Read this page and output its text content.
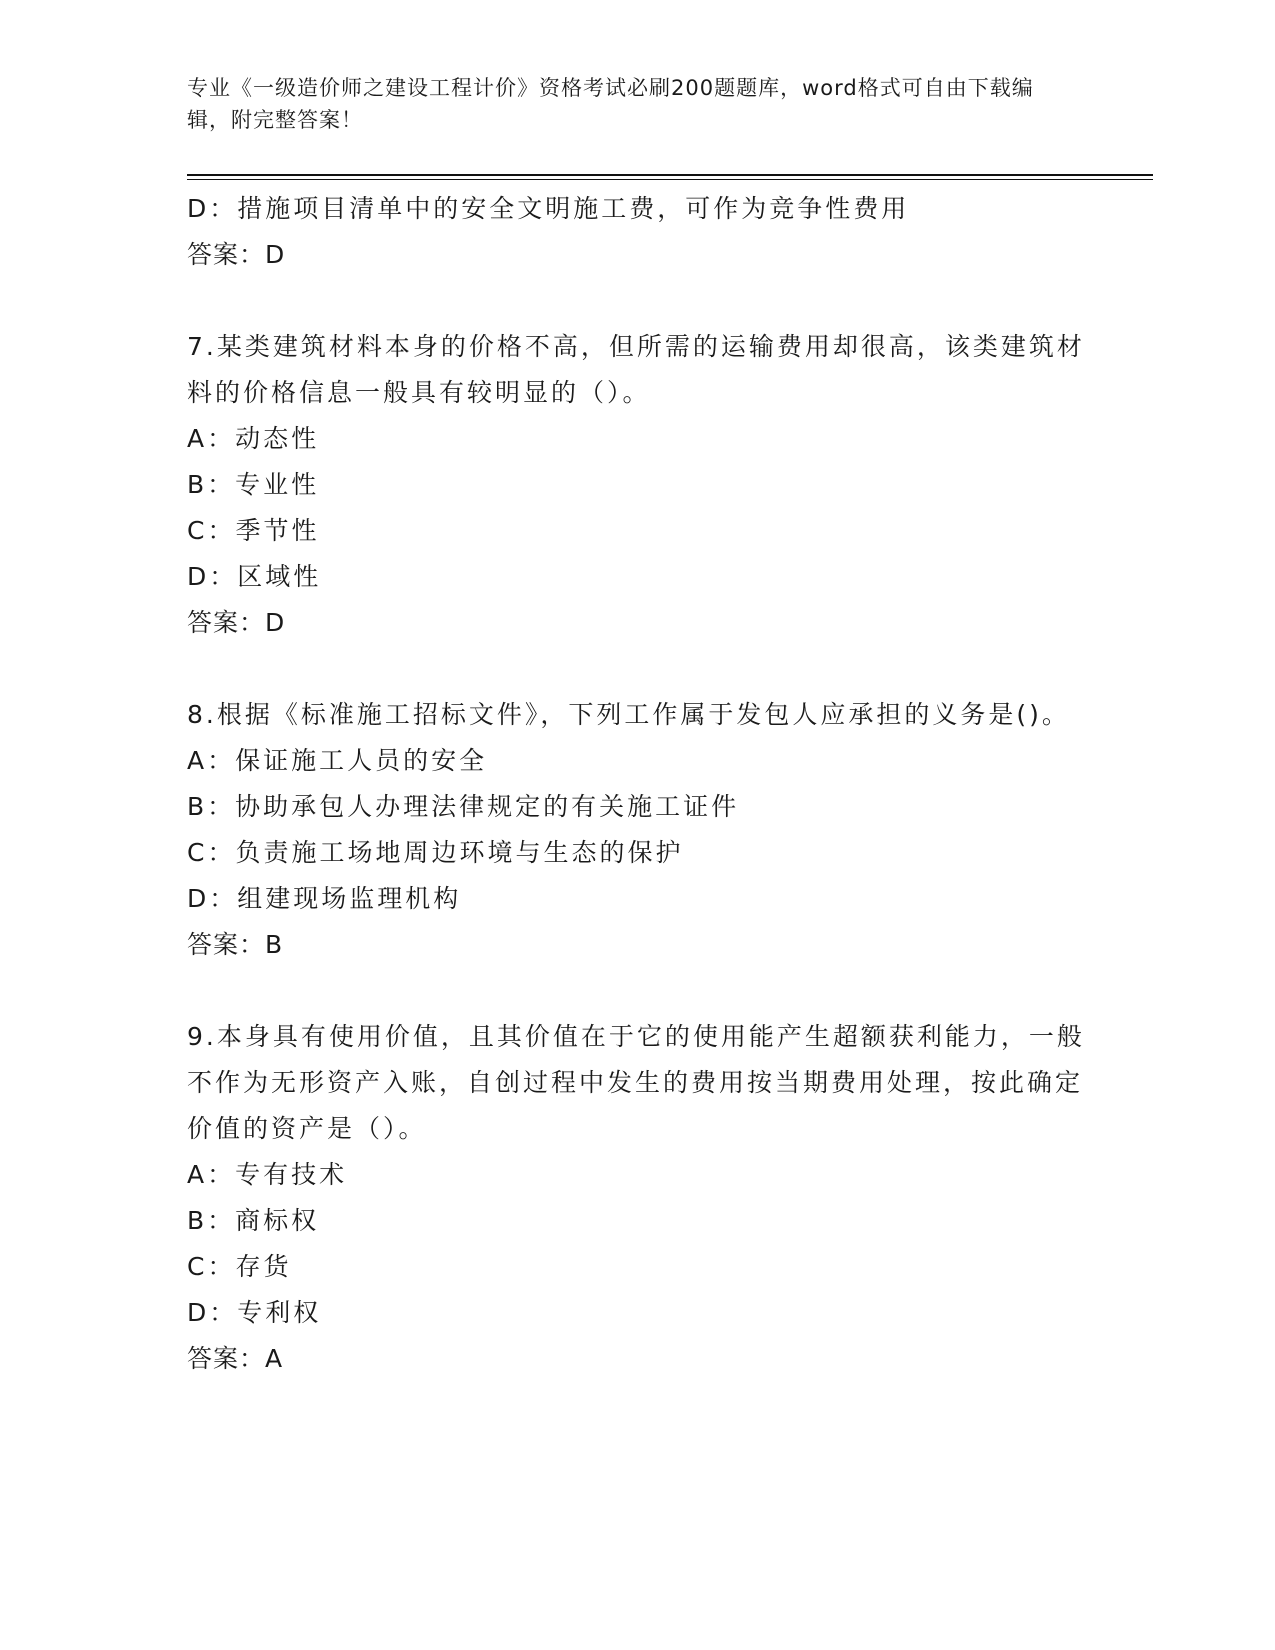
专业《一级造价师之建设工程计价》资格考试必刷200题题库，word格式可自由下载编辑，附完整答案！

D：措施项目清单中的安全文明施工费，可作为竞争性费用
答案：D
7.某类建筑材料本身的价格不高，但所需的运输费用却很高，该类建筑材料的价格信息一般具有较明显的（）。
A：动态性
B：专业性
C：季节性
D：区域性
答案：D
8.根据《标准施工招标文件》，下列工作属于发包人应承担的义务是()。
A：保证施工人员的安全
B：协助承包人办理法律规定的有关施工证件
C：负责施工场地周边环境与生态的保护
D：组建现场监理机构
答案：B
9.本身具有使用价值，且其价值在于它的使用能产生超额获利能力，一般不作为无形资产入账，自创过程中发生的费用按当期费用处理，按此确定价值的资产是（）。
A：专有技术
B：商标权
C：存货
D：专利权
答案：A
